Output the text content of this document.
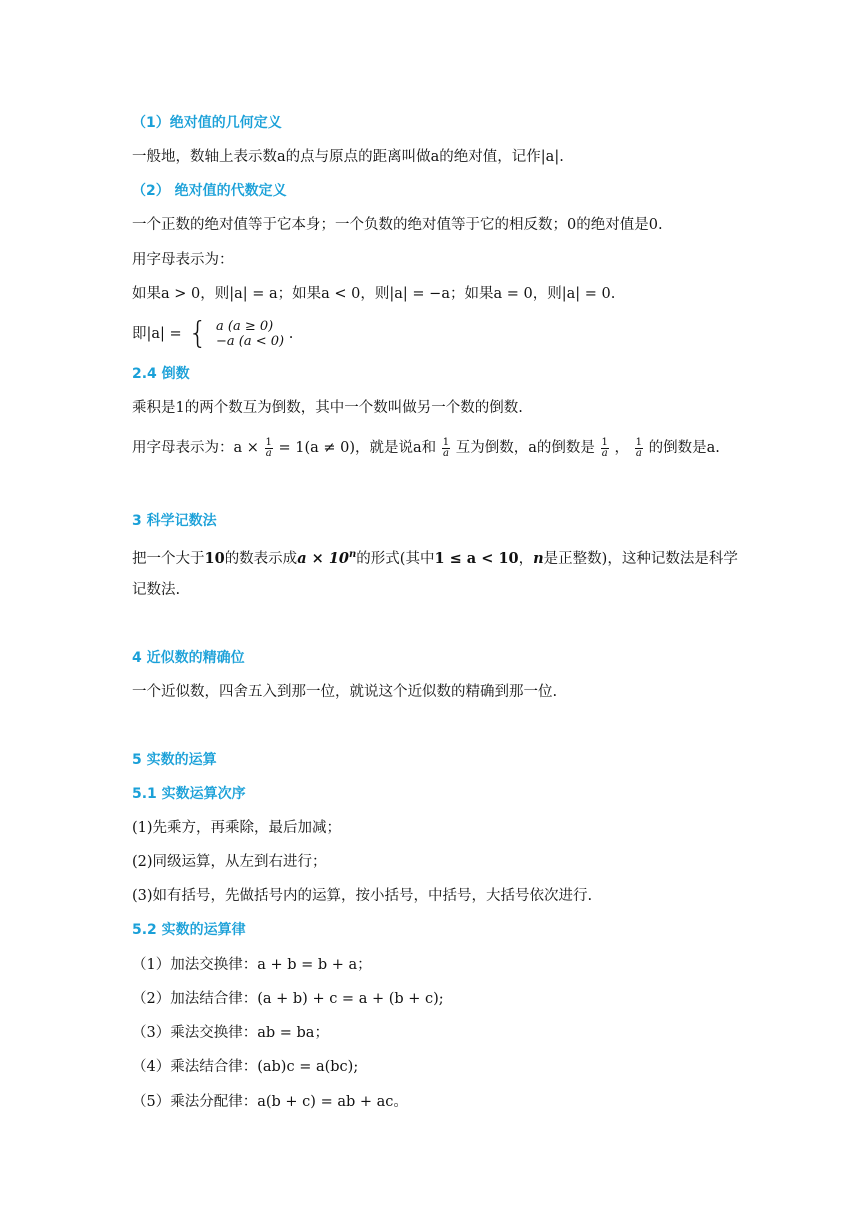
（1）绝对值的几何定义
一般地，数轴上表示数a的点与原点的距离叫做a的绝对值，记作|a|.
（2） 绝对值的代数定义
一个正数的绝对值等于它本身；一个负数的绝对值等于它的相反数；0的绝对值是0.
用字母表示为：
如果a > 0，则|a| = a；如果a < 0，则|a| = −a；如果a = 0，则|a| = 0.
即|a| = { a (a ≥ 0)
−a (a < 0) .
2.4 倒数
乘积是1的两个数互为倒数，其中一个数叫做另一个数的倒数.
用字母表示为：$a \times \frac{1}{a} = 1(a \ne 0)$，就是说a和 $\frac{1}{a}$ 互为倒数，a的倒数是 $\frac{1}{a}$ ， $\frac{1}{a}$ 的倒数是a.
3 科学记数法
把一个大于10的数表示成$a \times 10^n$的形式(其中1 ≤ a < 10，n是正整数)，这种记数法是科学
记数法.
4 近似数的精确位
一个近似数，四舍五入到那一位，就说这个近似数的精确到那一位.
5 实数的运算
5.1 实数运算次序
(1)先乘方，再乘除，最后加减；
(2)同级运算，从左到右进行；
(3)如有括号，先做括号内的运算，按小括号，中括号，大括号依次进行.
5.2 实数的运算律
（1）加法交换律：a + b = b + a；
（2）加法结合律：(a + b) + c = a + (b + c);
（3）乘法交换律：ab = ba；
（4）乘法结合律：(ab)c = a(bc);
（5）乘法分配律：a(b + c) = ab + ac。
